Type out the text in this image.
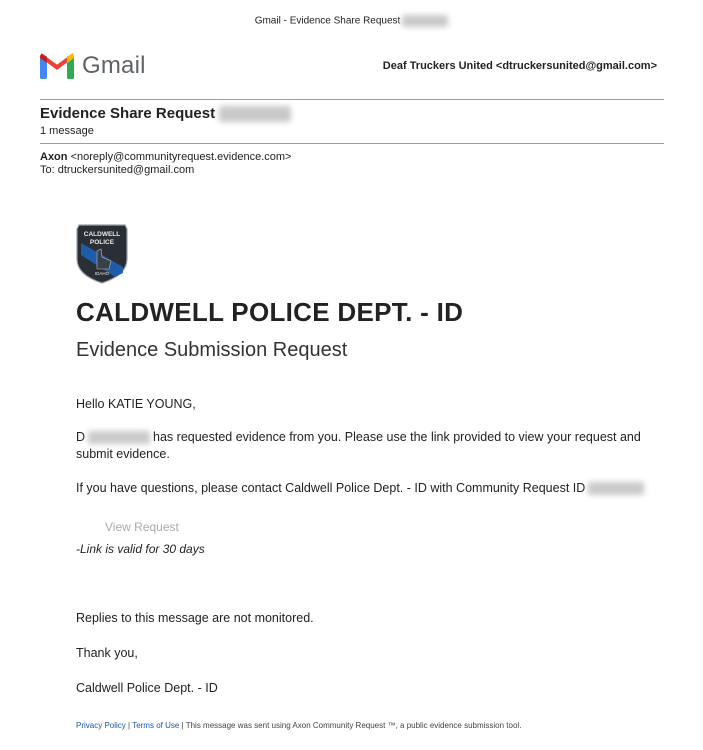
Gmail - Evidence Share Request
Gmail	Deaf Truckers United <dtruckersunited@gmail.com>
Evidence Share Request
1 message
Axon <noreply@communityrequest.evidence.com>
To: dtruckersunited@gmail.com
CALDWELL
POLICE
IDAHO
CALDWELL POLICE DEPT. - ID
Evidence Submission Request
Hello KATIE YOUNG,
D	has requested evidence from you. Please use the link provided to view your request and
submit evidence.
If you have questions, please contact Caldwell Police Dept. - ID with Community Request ID
View Request
-Link is valid for 30 days
Replies to this message are not monitored.
Thank you,
Caldwell Police Dept. - ID
Privacy Policy | Terms of Use | This message was sent using Axon Community Request ™, a public evidence submission tool.
